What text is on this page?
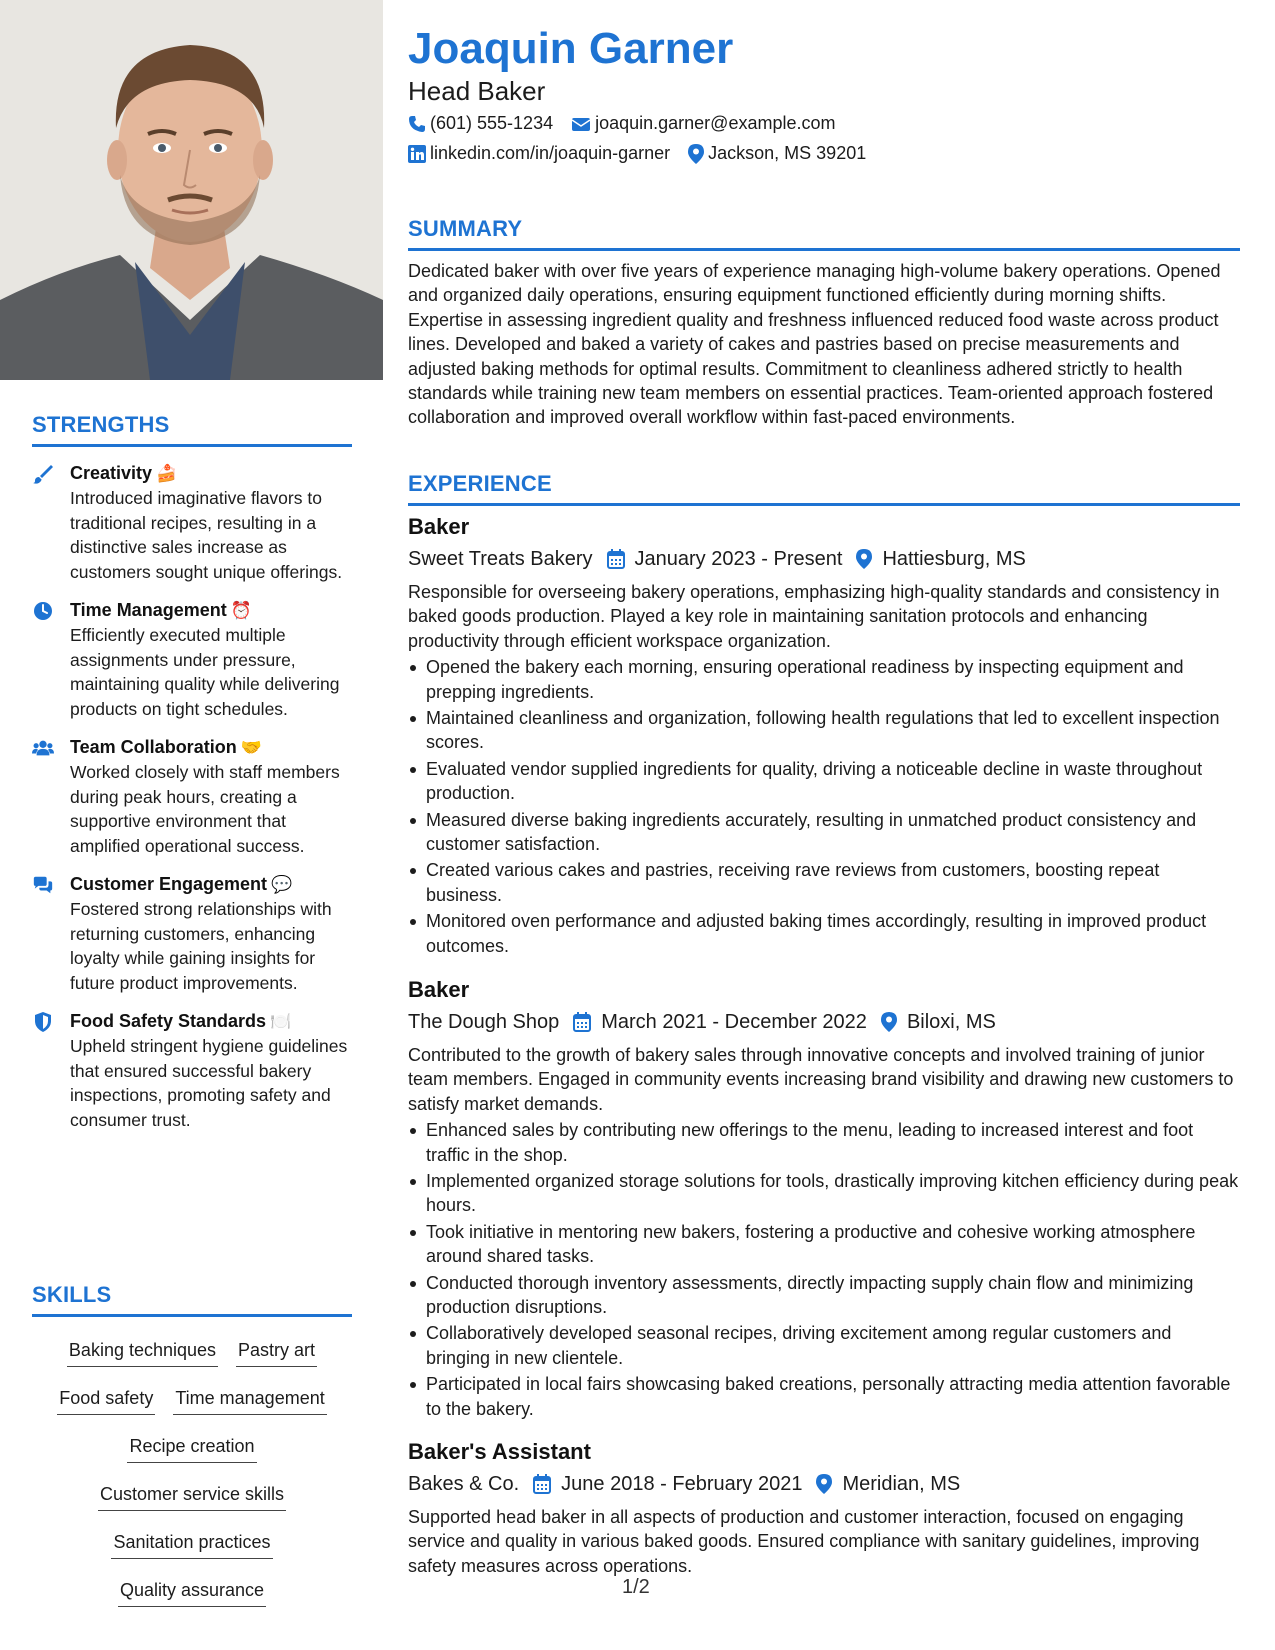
STRENGTHS
Creativity 🍰
Introduced imaginative flavors to traditional recipes, resulting in a distinctive sales increase as customers sought unique offerings.
Time Management ⏰
Efficiently executed multiple assignments under pressure, maintaining quality while delivering products on tight schedules.
Team Collaboration 🤝
Worked closely with staff members during peak hours, creating a supportive environment that amplified operational success.
Customer Engagement 💬
Fostered strong relationships with returning customers, enhancing loyalty while gaining insights for future product improvements.
Food Safety Standards 🍽️
Upheld stringent hygiene guidelines that ensured successful bakery inspections, promoting safety and consumer trust.
SKILLS
Baking techniques Pastry art
Food safety Time management
Recipe creation
Customer service skills
Sanitation practices
Quality assurance
Joaquin Garner
Head Baker
(601) 555-1234 joaquin.garner@example.com
linkedin.com/in/joaquin-garner Jackson, MS 39201
SUMMARY
Dedicated baker with over five years of experience managing high-volume bakery operations. Opened and organized daily operations, ensuring equipment functioned efficiently during morning shifts. Expertise in assessing ingredient quality and freshness influenced reduced food waste across product lines. Developed and baked a variety of cakes and pastries based on precise measurements and adjusted baking methods for optimal results. Commitment to cleanliness adhered strictly to health standards while training new team members on essential practices. Team-oriented approach fostered collaboration and improved overall workflow within fast-paced environments.
EXPERIENCE
Baker
Sweet Treats Bakery January 2023 - Present Hattiesburg, MS
Responsible for overseeing bakery operations, emphasizing high-quality standards and consistency in baked goods production. Played a key role in maintaining sanitation protocols and enhancing productivity through efficient workspace organization.
Opened the bakery each morning, ensuring operational readiness by inspecting equipment and prepping ingredients.
Maintained cleanliness and organization, following health regulations that led to excellent inspection scores.
Evaluated vendor supplied ingredients for quality, driving a noticeable decline in waste throughout production.
Measured diverse baking ingredients accurately, resulting in unmatched product consistency and customer satisfaction.
Created various cakes and pastries, receiving rave reviews from customers, boosting repeat business.
Monitored oven performance and adjusted baking times accordingly, resulting in improved product outcomes.
Baker
The Dough Shop March 2021 - December 2022 Biloxi, MS
Contributed to the growth of bakery sales through innovative concepts and involved training of junior team members. Engaged in community events increasing brand visibility and drawing new customers to satisfy market demands.
Enhanced sales by contributing new offerings to the menu, leading to increased interest and foot traffic in the shop.
Implemented organized storage solutions for tools, drastically improving kitchen efficiency during peak hours.
Took initiative in mentoring new bakers, fostering a productive and cohesive working atmosphere around shared tasks.
Conducted thorough inventory assessments, directly impacting supply chain flow and minimizing production disruptions.
Collaboratively developed seasonal recipes, driving excitement among regular customers and bringing in new clientele.
Participated in local fairs showcasing baked creations, personally attracting media attention favorable to the bakery.
Baker's Assistant
Bakes & Co. June 2018 - February 2021 Meridian, MS
Supported head baker in all aspects of production and customer interaction, focused on engaging service and quality in various baked goods. Ensured compliance with sanitary guidelines, improving safety measures across operations.
1/2
